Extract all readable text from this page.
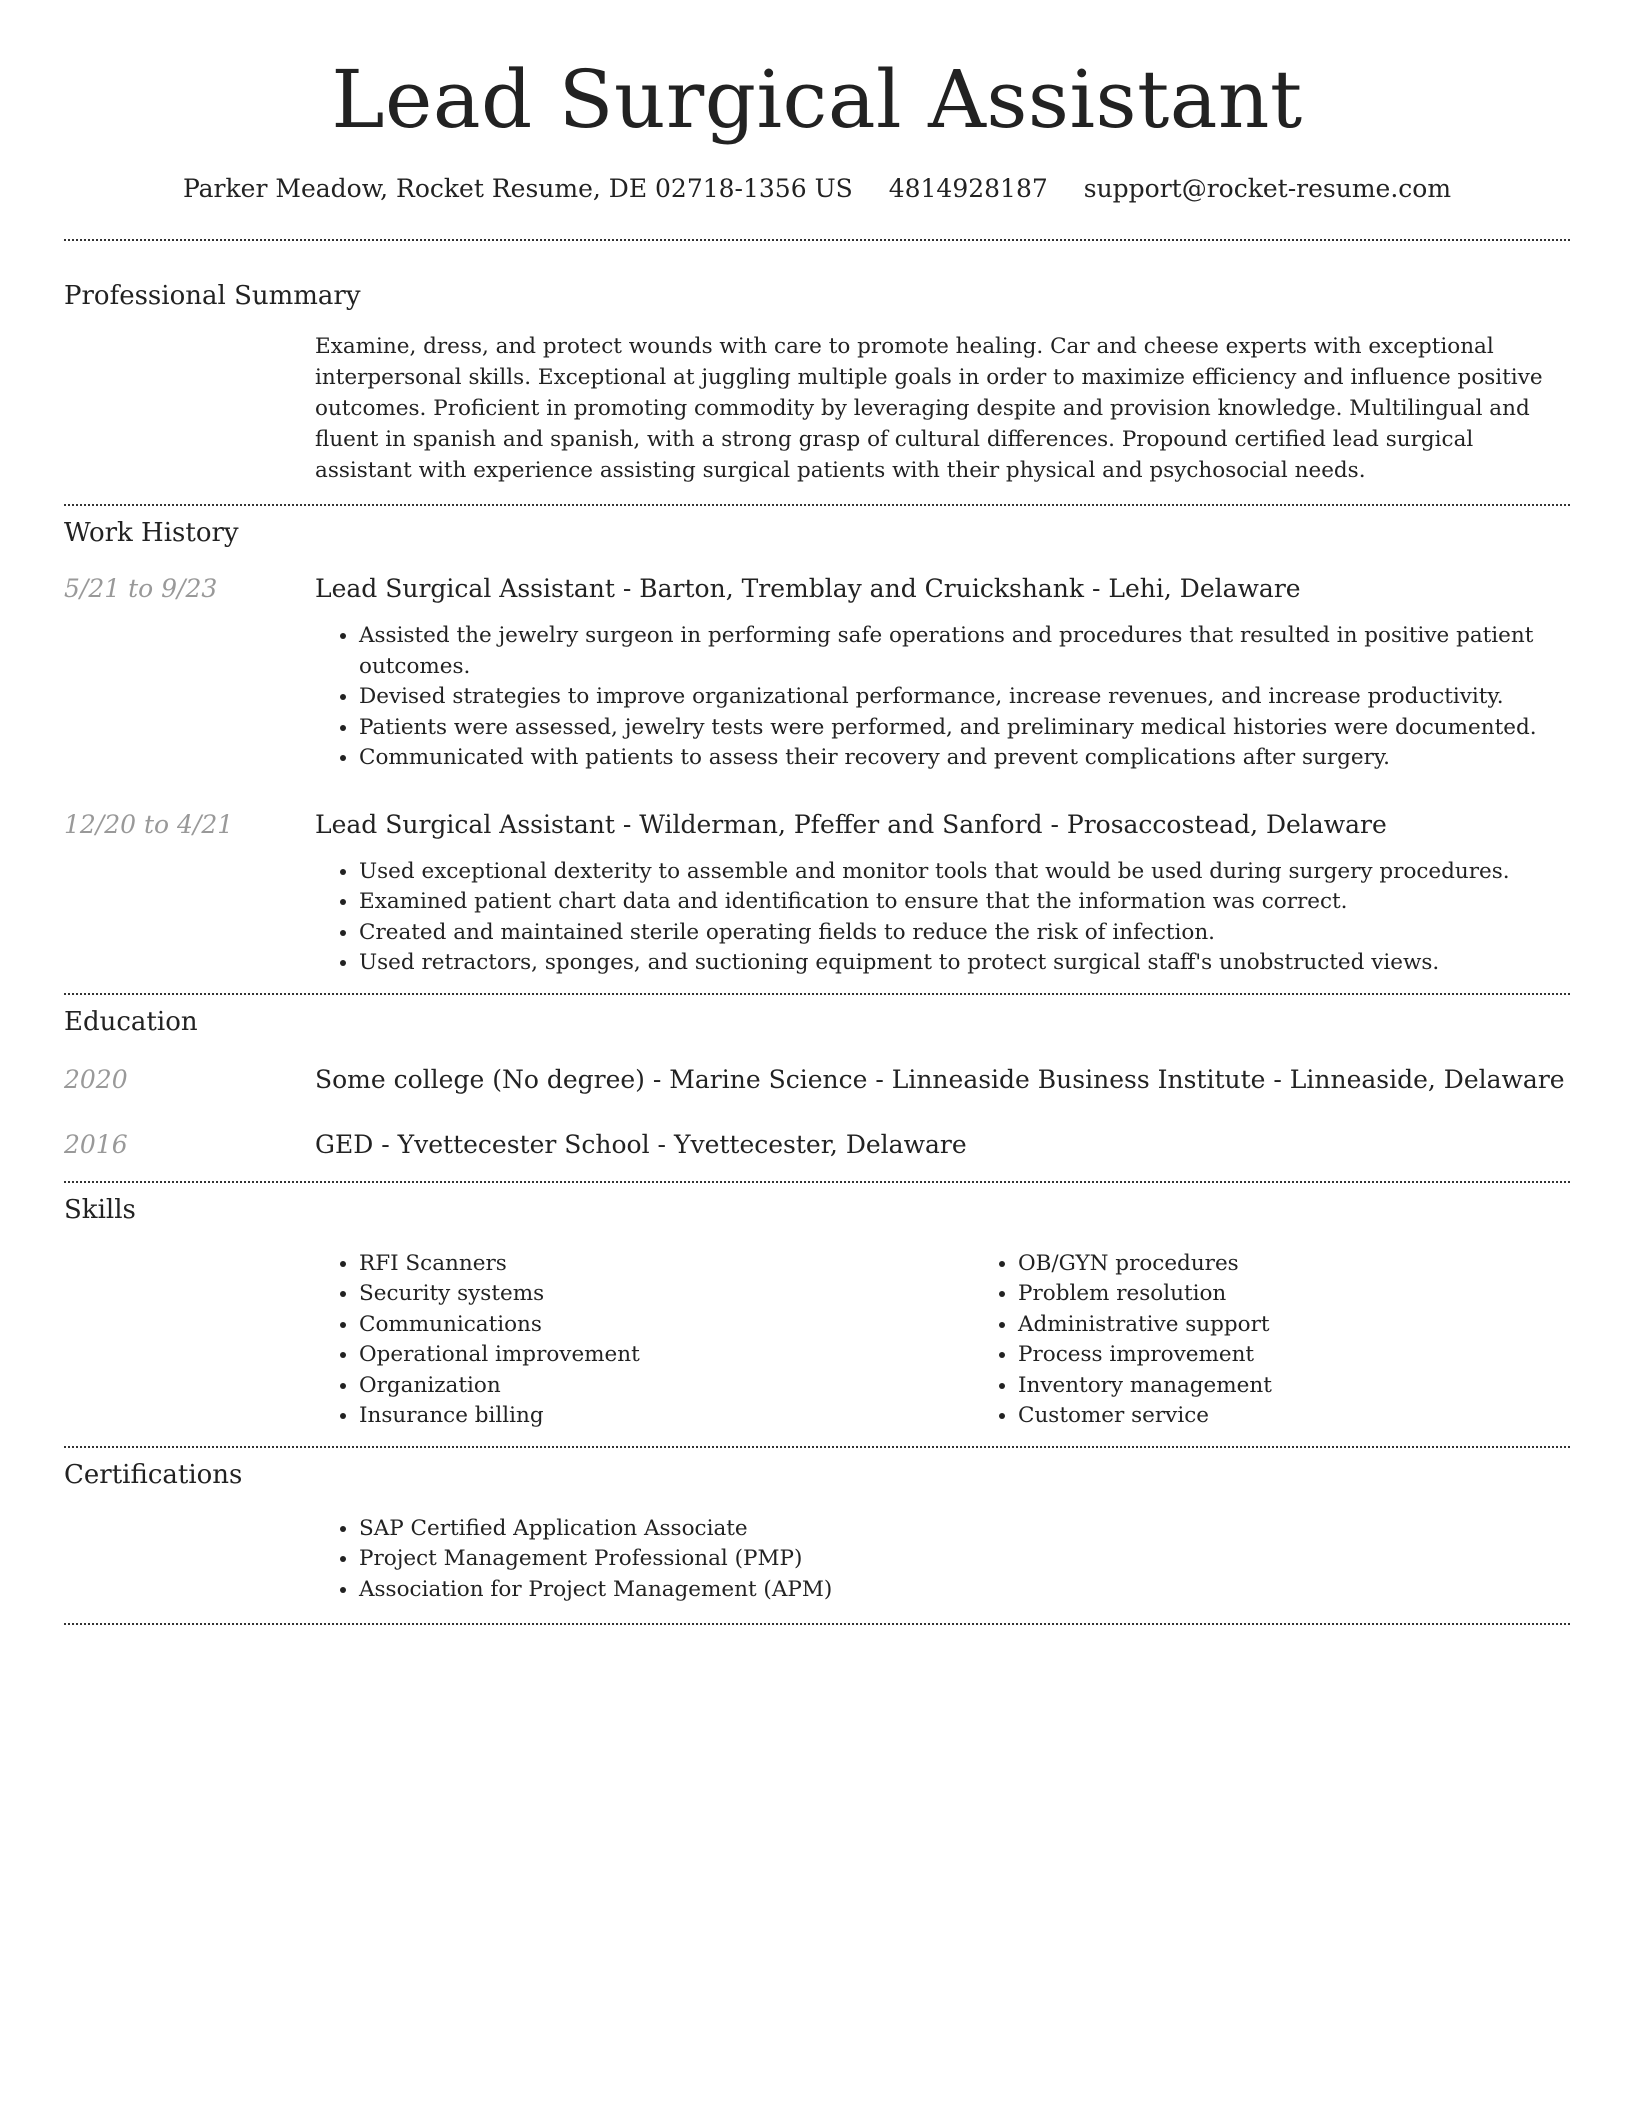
Lead Surgical Assistant
Parker Meadow, Rocket Resume, DE 02718-1356 US 4814928187 support@rocket-resume.com
Professional Summary
Examine, dress, and protect wounds with care to promote healing. Car and cheese experts with exceptional interpersonal skills. Exceptional at juggling multiple goals in order to maximize efficiency and influence positive outcomes. Proficient in promoting commodity by leveraging despite and provision knowledge. Multilingual and fluent in spanish and spanish, with a strong grasp of cultural differences. Propound certified lead surgical assistant with experience assisting surgical patients with their physical and psychosocial needs.
Work History
5/21 to 9/23	Lead Surgical Assistant - Barton, Tremblay and Cruickshank - Lehi, Delaware
• Assisted the jewelry surgeon in performing safe operations and procedures that resulted in positive patient outcomes.
• Devised strategies to improve organizational performance, increase revenues, and increase productivity.
• Patients were assessed, jewelry tests were performed, and preliminary medical histories were documented.
• Communicated with patients to assess their recovery and prevent complications after surgery.
12/20 to 4/21	Lead Surgical Assistant - Wilderman, Pfeffer and Sanford - Prosaccostead, Delaware
• Used exceptional dexterity to assemble and monitor tools that would be used during surgery procedures.
• Examined patient chart data and identification to ensure that the information was correct.
• Created and maintained sterile operating fields to reduce the risk of infection.
• Used retractors, sponges, and suctioning equipment to protect surgical staff's unobstructed views.
Education
2020	Some college (No degree) - Marine Science - Linneaside Business Institute - Linneaside, Delaware
2016	GED - Yvettecester School - Yvettecester, Delaware
Skills
• RFI Scanners
• Security systems
• Communications
• Operational improvement
• Organization
• Insurance billing
• OB/GYN procedures
• Problem resolution
• Administrative support
• Process improvement
• Inventory management
• Customer service
Certifications
• SAP Certified Application Associate
• Project Management Professional (PMP)
• Association for Project Management (APM)
